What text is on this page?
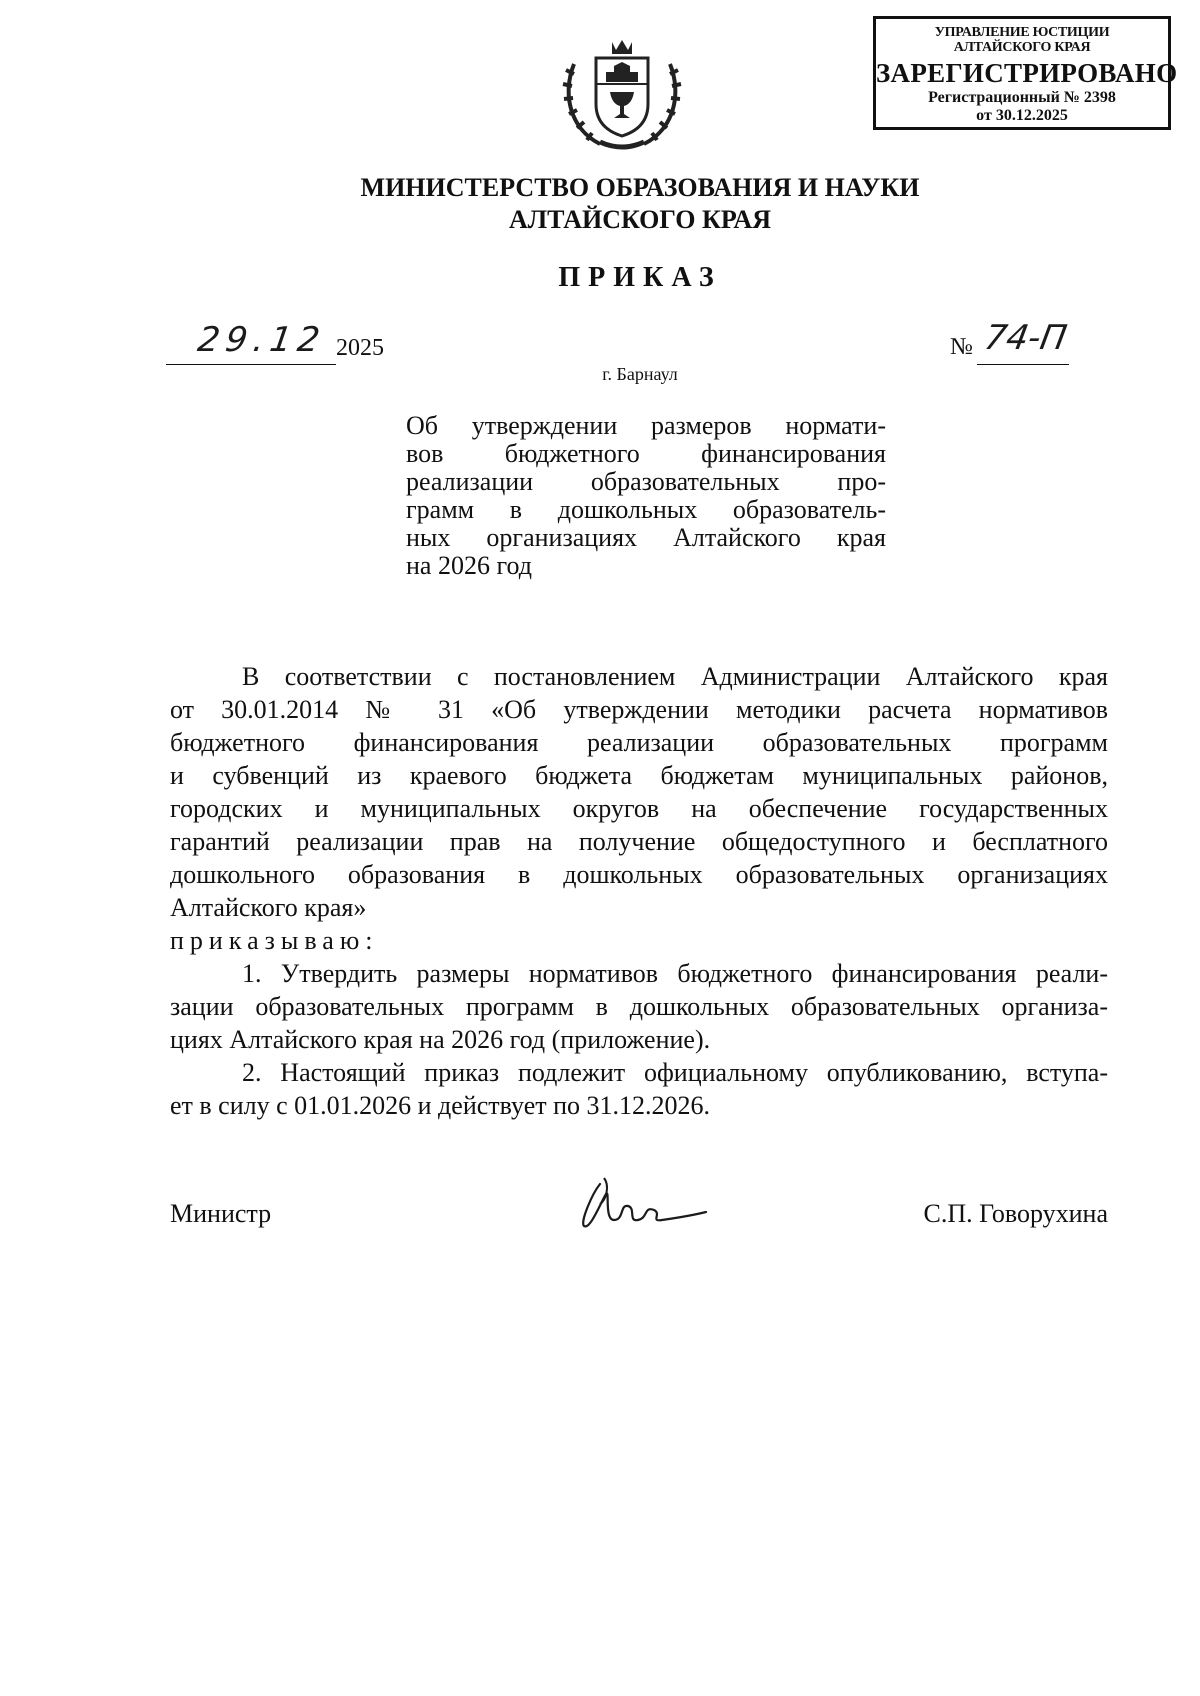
УПРАВЛЕНИЕ ЮСТИЦИИ
АЛТАЙСКОГО КРАЯ
ЗАРЕГИСТРИРОВАНО
Регистрационный № 2398
от 30.12.2025
МИНИСТЕРСТВО ОБРАЗОВАНИЯ И НАУКИ
АЛТАЙСКОГО КРАЯ
ПРИКАЗ
29.12 2025	№ 74-П
г. Барнаул
Об утверждении размеров нормати-
вов бюджетного финансирования
реализации образовательных про-
грамм в дошкольных образователь-
ных организациях Алтайского края
на 2026 год
В соответствии с постановлением Администрации Алтайского края
от 30.01.2014 № 31 «Об утверждении методики расчета нормативов
бюджетного финансирования реализации образовательных программ
и субвенций из краевого бюджета бюджетам муниципальных районов,
городских и муниципальных округов на обеспечение государственных
гарантий реализации прав на получение общедоступного и бесплатного
дошкольного образования в дошкольных образовательных организациях
Алтайского края»
приказываю:
1. Утвердить размеры нормативов бюджетного финансирования реали-
зации образовательных программ в дошкольных образовательных организа-
циях Алтайского края на 2026 год (приложение).
2. Настоящий приказ подлежит официальному опубликованию, вступа-
ет в силу с 01.01.2026 и действует по 31.12.2026.
Министр	С.П. Говорухина
